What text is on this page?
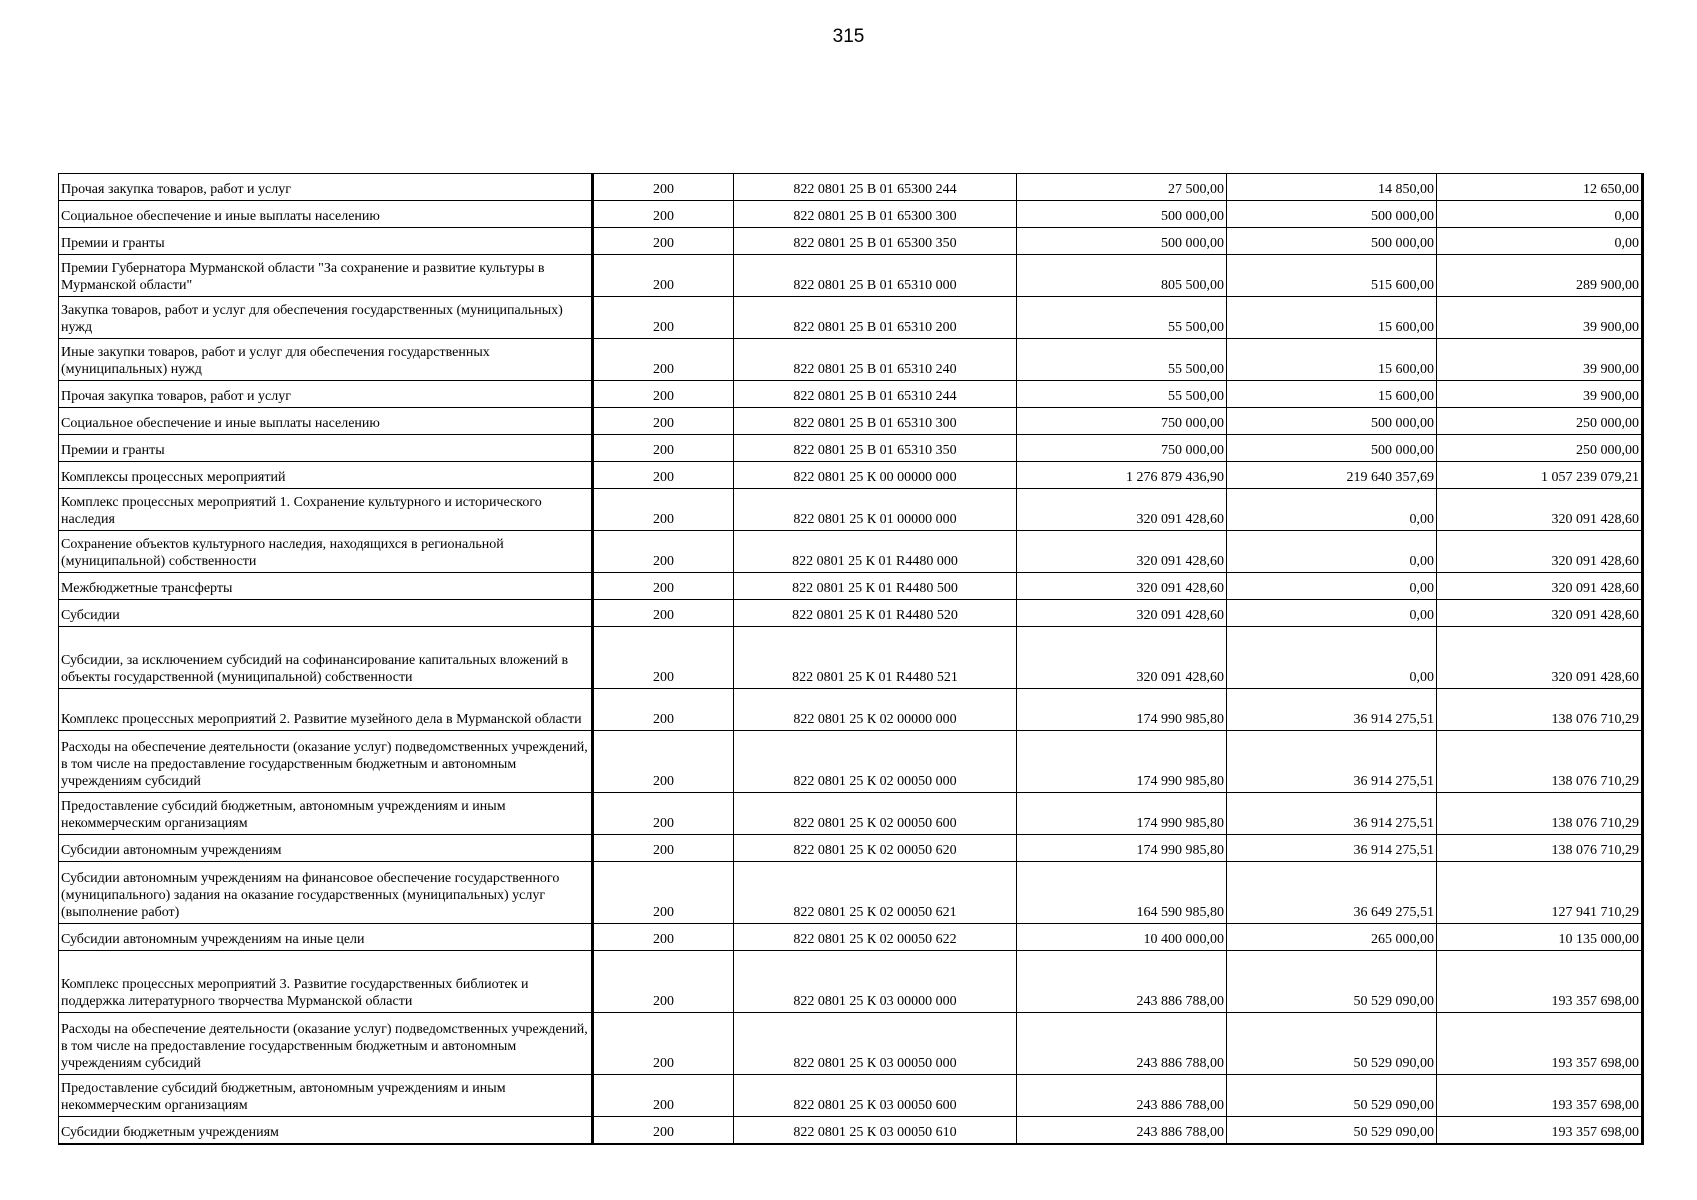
315
Прочая закупка товаров, работ и услуг	200	822 0801 25 В 01 65300 244	27 500,00	14 850,00	12 650,00
Социальное обеспечение и иные выплаты населению	200	822 0801 25 В 01 65300 300	500 000,00	500 000,00	0,00
Премии и гранты	200	822 0801 25 В 01 65300 350	500 000,00	500 000,00	0,00
Премии Губернатора Мурманской области "За сохранение и развитие культуры в Мурманской области"	200	822 0801 25 В 01 65310 000	805 500,00	515 600,00	289 900,00
Закупка товаров, работ и услуг для обеспечения государственных (муниципальных) нужд	200	822 0801 25 В 01 65310 200	55 500,00	15 600,00	39 900,00
Иные закупки товаров, работ и услуг для обеспечения государственных (муниципальных) нужд	200	822 0801 25 В 01 65310 240	55 500,00	15 600,00	39 900,00
Прочая закупка товаров, работ и услуг	200	822 0801 25 В 01 65310 244	55 500,00	15 600,00	39 900,00
Социальное обеспечение и иные выплаты населению	200	822 0801 25 В 01 65310 300	750 000,00	500 000,00	250 000,00
Премии и гранты	200	822 0801 25 В 01 65310 350	750 000,00	500 000,00	250 000,00
Комплексы процессных мероприятий	200	822 0801 25 К 00 00000 000	1 276 879 436,90	219 640 357,69	1 057 239 079,21
Комплекс процессных мероприятий 1. Сохранение культурного и исторического наследия	200	822 0801 25 К 01 00000 000	320 091 428,60	0,00	320 091 428,60
Сохранение объектов культурного наследия, находящихся в региональной (муниципальной) собственности	200	822 0801 25 К 01 R4480 000	320 091 428,60	0,00	320 091 428,60
Межбюджетные трансферты	200	822 0801 25 К 01 R4480 500	320 091 428,60	0,00	320 091 428,60
Субсидии	200	822 0801 25 К 01 R4480 520	320 091 428,60	0,00	320 091 428,60
Субсидии, за исключением субсидий на софинансирование капитальных вложений в объекты государственной (муниципальной) собственности	200	822 0801 25 К 01 R4480 521	320 091 428,60	0,00	320 091 428,60
Комплекс процессных мероприятий 2. Развитие музейного дела в Мурманской области	200	822 0801 25 К 02 00000 000	174 990 985,80	36 914 275,51	138 076 710,29
Расходы на обеспечение деятельности (оказание услуг) подведомственных учреждений, в том числе на предоставление государственным бюджетным и автономным учреждениям субсидий	200	822 0801 25 К 02 00050 000	174 990 985,80	36 914 275,51	138 076 710,29
Предоставление субсидий бюджетным, автономным учреждениям и иным некоммерческим организациям	200	822 0801 25 К 02 00050 600	174 990 985,80	36 914 275,51	138 076 710,29
Субсидии автономным учреждениям	200	822 0801 25 К 02 00050 620	174 990 985,80	36 914 275,51	138 076 710,29
Субсидии автономным учреждениям на финансовое обеспечение государственного (муниципального) задания на оказание государственных (муниципальных) услуг (выполнение работ)	200	822 0801 25 К 02 00050 621	164 590 985,80	36 649 275,51	127 941 710,29
Субсидии автономным учреждениям на иные цели	200	822 0801 25 К 02 00050 622	10 400 000,00	265 000,00	10 135 000,00
Комплекс процессных мероприятий 3. Развитие государственных библиотек и поддержка литературного творчества Мурманской области	200	822 0801 25 К 03 00000 000	243 886 788,00	50 529 090,00	193 357 698,00
Расходы на обеспечение деятельности (оказание услуг) подведомственных учреждений, в том числе на предоставление государственным бюджетным и автономным учреждениям субсидий	200	822 0801 25 К 03 00050 000	243 886 788,00	50 529 090,00	193 357 698,00
Предоставление субсидий бюджетным, автономным учреждениям и иным некоммерческим организациям	200	822 0801 25 К 03 00050 600	243 886 788,00	50 529 090,00	193 357 698,00
Субсидии бюджетным учреждениям	200	822 0801 25 К 03 00050 610	243 886 788,00	50 529 090,00	193 357 698,00
